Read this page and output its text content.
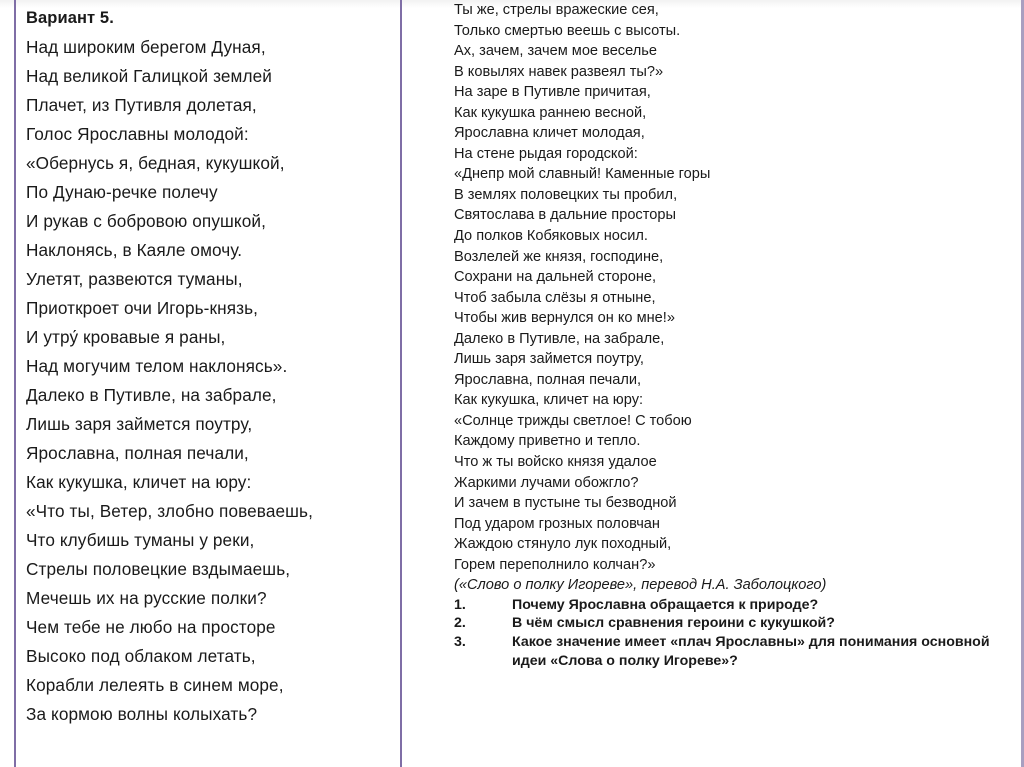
Вариант 5.
Над широким берегом Дуная,
Над великой Галицкой землей
Плачет, из Путивля долетая,
Голос Ярославны молодой:
«Обернусь я, бедная, кукушкой,
По Дунаю-речке полечу
И рукав с бобровою опушкой,
Наклонясь, в Каяле омочу.
Улетят, развеются туманы,
Приоткроет очи Игорь-князь,
И утру́ кровавые я раны,
Над могучим телом наклонясь».
Далеко в Путивле, на забрале,
Лишь заря займется поутру,
Ярославна, полная печали,
Как кукушка, кличет на юру:
«Что ты, Ветер, злобно повеваешь,
Что клубишь туманы у реки,
Стрелы половецкие вздымаешь,
Мечешь их на русские полки?
Чем тебе не любо на просторе
Высоко под облаком летать,
Корабли лелеять в синем море,
За кормою волны колыхать?
Ты же, стрелы вражеские сея,
Только смертью веешь с высоты.
Ах, зачем, зачем мое веселье
В ковылях навек развеял ты?»
На заре в Путивле причитая,
Как кукушка раннею весной,
Ярославна кличет молодая,
На стене рыдая городской:
«Днепр мой славный! Каменные горы
В землях половецких ты пробил,
Святослава в дальние просторы
До полков Кобяковых носил.
Возлелей же князя, господине,
Сохрани на дальней стороне,
Чтоб забыла слёзы я отныне,
Чтобы жив вернулся он ко мне!»
Далеко в Путивле, на забрале,
Лишь заря займется поутру,
Ярославна, полная печали,
Как кукушка, кличет на юру:
«Солнце трижды светлое! С тобою
Каждому приветно и тепло.
Что ж ты войско князя удалое
Жаркими лучами обожгло?
И зачем в пустыне ты безводной
Под ударом грозных половчан
Жаждою стянуло лук походный,
Горем переполнило колчан?»
(«Слово о полку Игореве», перевод Н.А. Заболоцкого)
1.	Почему Ярославна обращается к природе?
2.	В чём смысл сравнения героини с кукушкой?
3.	Какое значение имеет «плач Ярославны» для понимания основной идеи «Слова о полку Игореве»?
